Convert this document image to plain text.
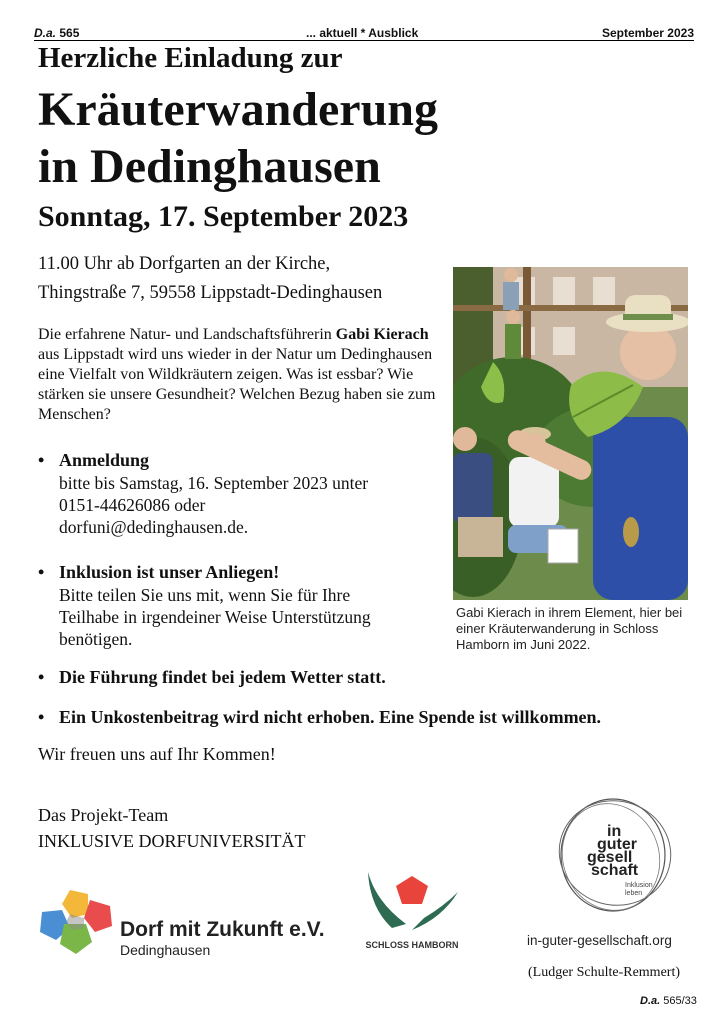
D.a. 565	... aktuell * Ausblick	September 2023
Herzliche Einladung zur
Kräuterwanderung
in Dedinghausen
Sonntag, 17. September 2023
11.00 Uhr ab Dorfgarten an der Kirche,
Thingstraße 7, 59558 Lippstadt-Dedinghausen
Die erfahrene Natur- und Landschaftsführerin Gabi Kierach aus Lippstadt wird uns wieder in der Natur um Dedinghausen eine Vielfalt von Wildkräutern zeigen. Was ist essbar? Wie stärken sie unsere Gesundheit? Welchen Bezug haben sie zum Menschen?
• Anmeldung
bitte bis Samstag, 16. September 2023 unter
0151-44626086 oder
dorfuni@dedinghausen.de.
• Inklusion ist unser Anliegen!
Bitte teilen Sie uns mit, wenn Sie für Ihre
Teilhabe in irgendeiner Weise Unterstützung
benötigen.
• Die Führung findet bei jedem Wetter statt.
• Ein Unkostenbeitrag wird nicht erhoben. Eine Spende ist willkommen.
Wir freuen uns auf Ihr Kommen!
Das Projekt-Team
INKLUSIVE DORFUNIVERSITÄT
Gabi Kierach in ihrem Element, hier bei einer Kräuterwanderung in Schloss Hamborn im Juni 2022.
Dorf mit Zukunft e.V.
Dedinghausen	SCHLOSS HAMBORN
in
guter
gesell
schaft
Inklusion
leben
in-guter-gesellschaft.org
(Ludger Schulte-Remmert)
D.a. 565/33
